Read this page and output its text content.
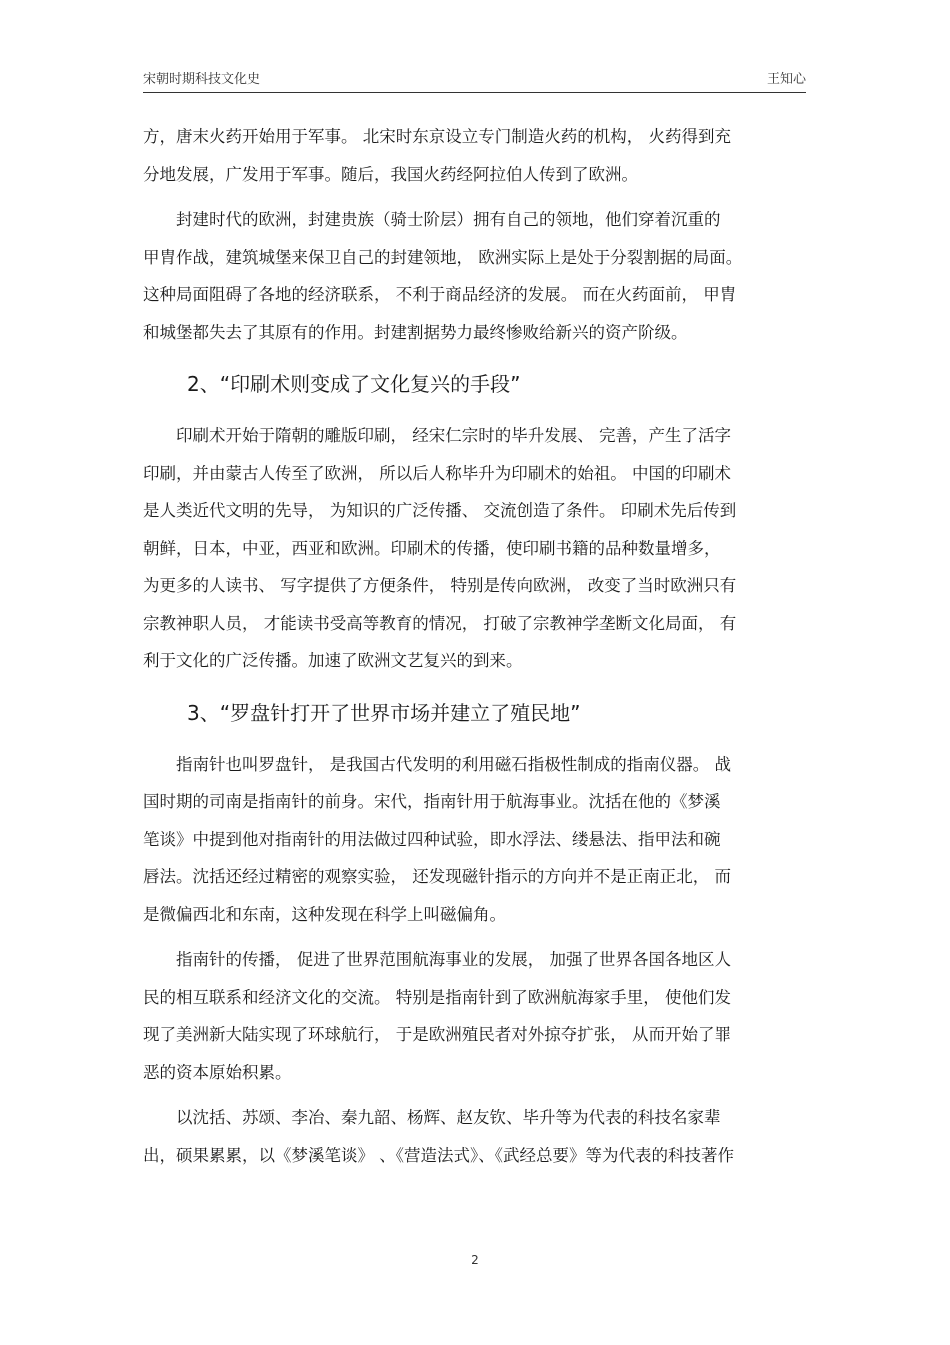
宋朝时期科技文化史	王知心
方，唐末火药开始用于军事。 北宋时东京设立专门制造火药的机构， 火药得到充
分地发展，广发用于军事。随后，我国火药经阿拉伯人传到了欧洲。
　　封建时代的欧洲，封建贵族（骑士阶层）拥有自己的领地，他们穿着沉重的
甲胄作战，建筑城堡来保卫自己的封建领地， 欧洲实际上是处于分裂割据的局面。
这种局面阻碍了各地的经济联系， 不利于商品经济的发展。 而在火药面前， 甲胄
和城堡都失去了其原有的作用。封建割据势力最终惨败给新兴的资产阶级。
2、“印刷术则变成了文化复兴的手段”
　　印刷术开始于隋朝的雕版印刷， 经宋仁宗时的毕升发展、 完善，产生了活字
印刷，并由蒙古人传至了欧洲， 所以后人称毕升为印刷术的始祖。 中国的印刷术
是人类近代文明的先导， 为知识的广泛传播、 交流创造了条件。 印刷术先后传到
朝鲜，日本，中亚，西亚和欧洲。印刷术的传播，使印刷书籍的品种数量增多，
为更多的人读书、 写字提供了方便条件， 特别是传向欧洲， 改变了当时欧洲只有
宗教神职人员， 才能读书受高等教育的情况， 打破了宗教神学垄断文化局面， 有
利于文化的广泛传播。加速了欧洲文艺复兴的到来。
3、“罗盘针打开了世界市场并建立了殖民地”
　　指南针也叫罗盘针， 是我国古代发明的利用磁石指极性制成的指南仪器。 战
国时期的司南是指南针的前身。宋代，指南针用于航海事业。沈括在他的《梦溪
笔谈》中提到他对指南针的用法做过四种试验，即水浮法、缕悬法、指甲法和碗
唇法。沈括还经过精密的观察实验， 还发现磁针指示的方向并不是正南正北， 而
是微偏西北和东南，这种发现在科学上叫磁偏角。
　　指南针的传播， 促进了世界范围航海事业的发展， 加强了世界各国各地区人
民的相互联系和经济文化的交流。 特别是指南针到了欧洲航海家手里， 使他们发
现了美洲新大陆实现了环球航行， 于是欧洲殖民者对外掠夺扩张， 从而开始了罪
恶的资本原始积累。
　　以沈括、苏颂、李冶、秦九韶、杨辉、赵友钦、毕升等为代表的科技名家辈
出，硕果累累，以《梦溪笔谈》 、《营造法式》、《武经总要》等为代表的科技著作
2
